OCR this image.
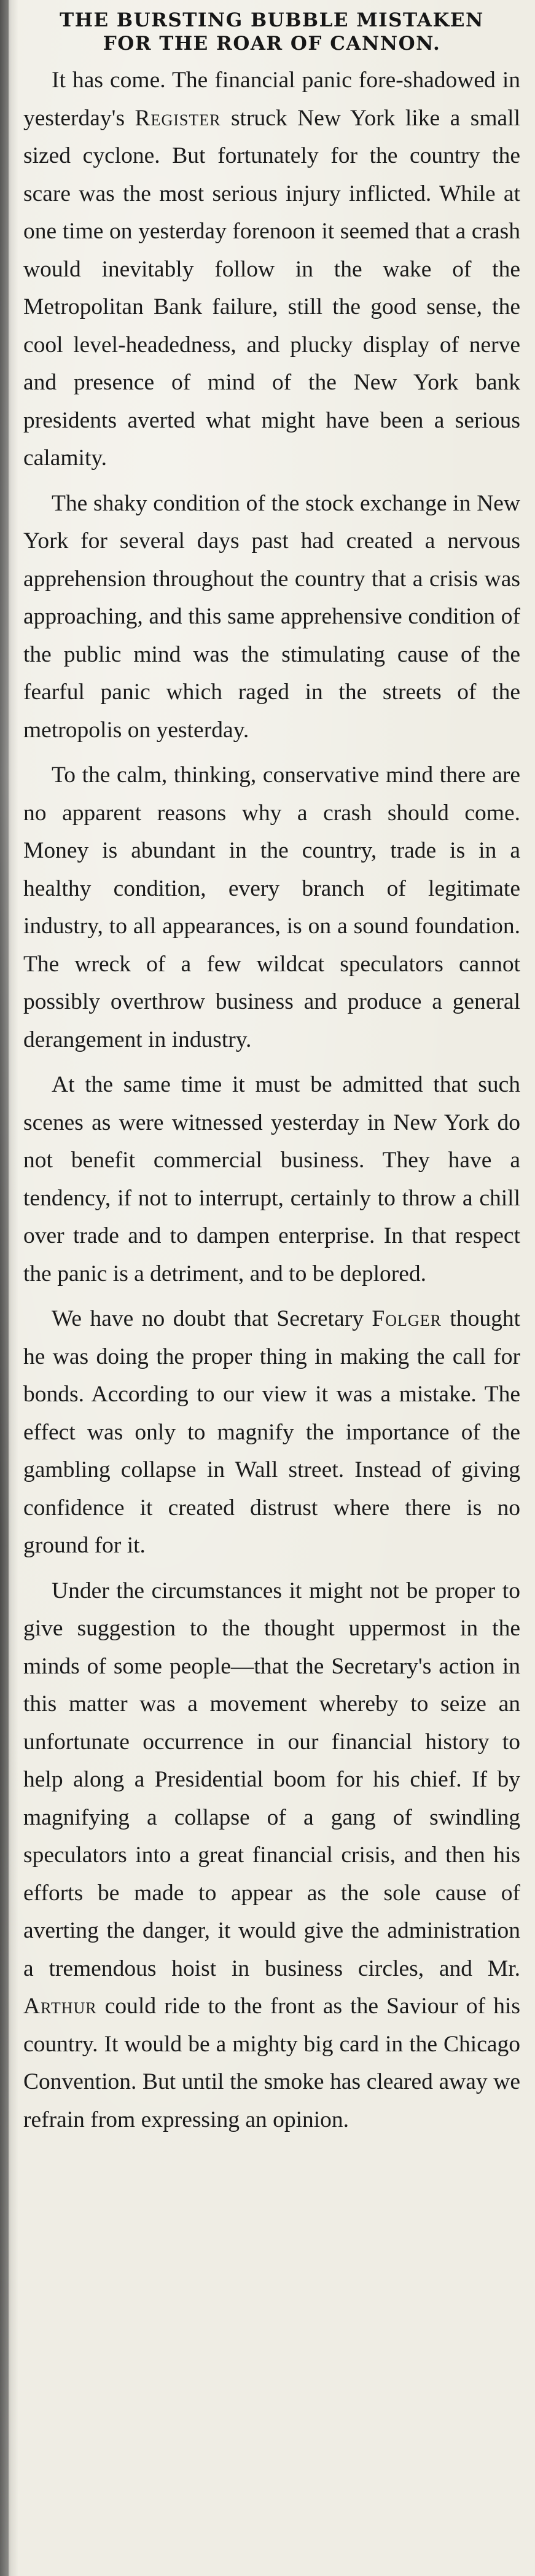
THE BURSTING BUBBLE MISTAKEN
FOR THE ROAR OF CANNON.

It has come. The financial panic fore-shadowed in yesterday's Register struck New York like a small sized cyclone. But fortunately for the country the scare was the most serious injury inflicted. While at one time on yesterday forenoon it seemed that a crash would inevitably follow in the wake of the Metropolitan Bank failure, still the good sense, the cool level-headedness, and plucky display of nerve and presence of mind of the New York bank presidents averted what might have been a serious calamity.

The shaky condition of the stock exchange in New York for several days past had created a nervous apprehension throughout the country that a crisis was approaching, and this same apprehensive condition of the public mind was the stimulating cause of the fearful panic which raged in the streets of the metropolis on yesterday.

To the calm, thinking, conservative mind there are no apparent reasons why a crash should come. Money is abundant in the country, trade is in a healthy condition, every branch of legitimate industry, to all appearances, is on a sound foundation. The wreck of a few wildcat speculators cannot possibly overthrow business and produce a general derangement in industry.

At the same time it must be admitted that such scenes as were witnessed yesterday in New York do not benefit commercial business. They have a tendency, if not to interrupt, certainly to throw a chill over trade and to dampen enterprise. In that respect the panic is a detriment, and to be deplored.

We have no doubt that Secretary Folger thought he was doing the proper thing in making the call for bonds. According to our view it was a mistake. The effect was only to magnify the importance of the gambling collapse in Wall street. Instead of giving confidence it created distrust where there is no ground for it.

Under the circumstances it might not be proper to give suggestion to the thought uppermost in the minds of some people—that the Secretary's action in this matter was a movement whereby to seize an unfortunate occurrence in our financial history to help along a Presidential boom for his chief. If by magnifying a collapse of a gang of swindling speculators into a great financial crisis, and then his efforts be made to appear as the sole cause of averting the danger, it would give the administration a tremendous hoist in business circles, and Mr. Arthur could ride to the front as the Saviour of his country. It would be a mighty big card in the Chicago Convention. But until the smoke has cleared away we refrain from expressing an opinion.
